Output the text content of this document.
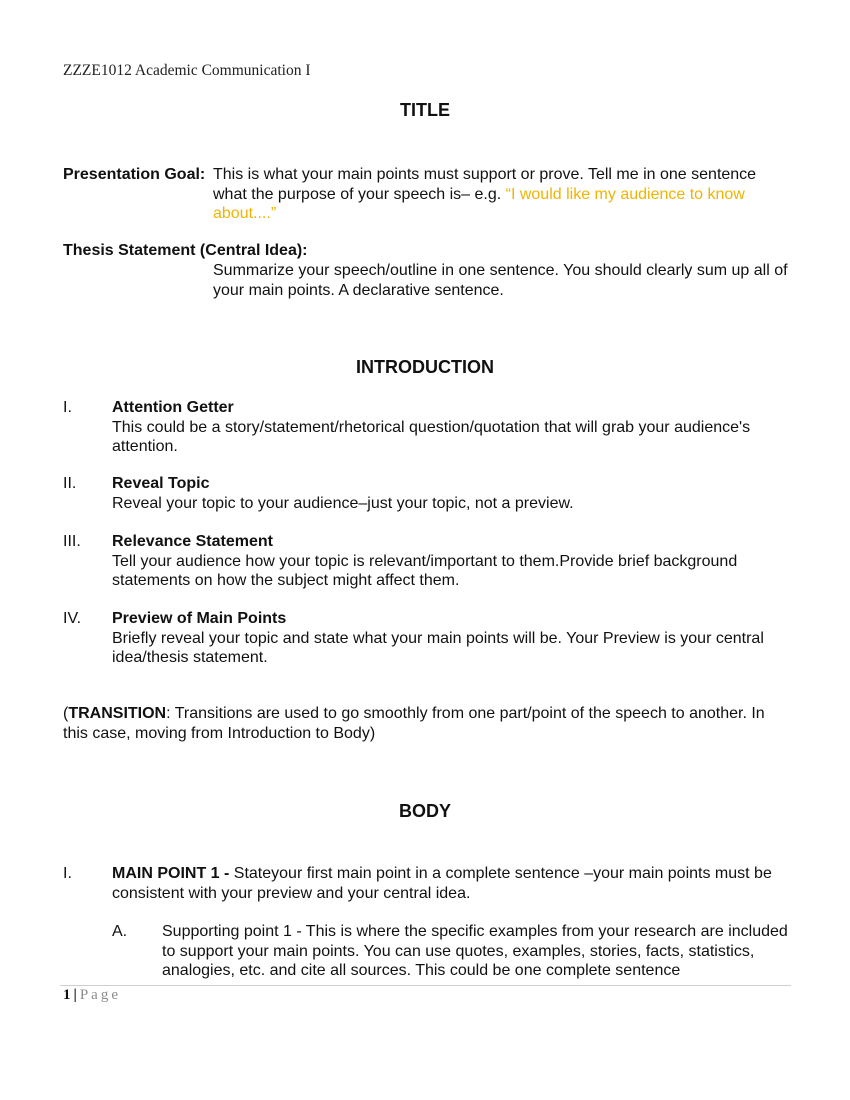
ZZZE1012 Academic Communication I
TITLE
Presentation Goal: This is what your main points must support or prove. Tell me in one sentence what the purpose of your speech is– e.g. “I would like my audience to know about....”
Thesis Statement (Central Idea):
Summarize your speech/outline in one sentence. You should clearly sum up all of your main points. A declarative sentence.
INTRODUCTION
I.	Attention Getter
This could be a story/statement/rhetorical question/quotation that will grab your audience's attention.
II. Reveal Topic
Reveal your topic to your audience–just your topic, not a preview.
III. Relevance Statement
Tell your audience how your topic is relevant/important to them.Provide brief background statements on how the subject might affect them.
IV. Preview of Main Points
Briefly reveal your topic and state what your main points will be. Your Preview is your central idea/thesis statement.
(TRANSITION: Transitions are used to go smoothly from one part/point of the speech to another. In this case, moving from Introduction to Body)
BODY
I.	MAIN POINT 1 - Stateyour first main point in a complete sentence –your main points must be consistent with your preview and your central idea.
A. Supporting point 1 - This is where the specific examples from your research are included to support your main points. You can use quotes, examples, stories, facts, statistics, analogies, etc. and cite all sources. This could be one complete sentence
1 | Page
